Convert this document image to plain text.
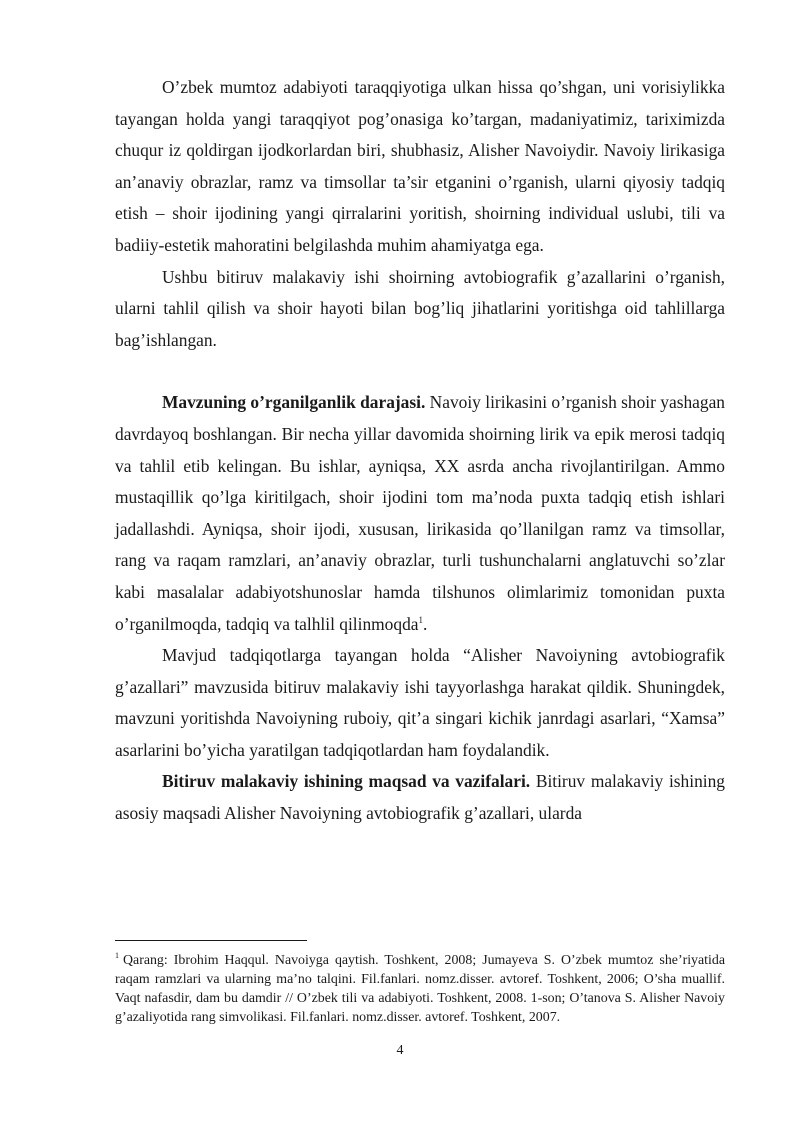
O’zbek mumtoz adabiyoti taraqqiyotiga ulkan hissa qo’shgan, uni vorisiylikka tayangan holda yangi taraqqiyot pog’onasiga ko’targan, madaniyatimiz, tariximizda chuqur iz qoldirgan ijodkorlardan biri, shubhasiz, Alisher Navoiydir. Navoiy lirikasiga an’anaviy obrazlar, ramz va timsollar ta’sir etganini o’rganish, ularni qiyosiy tadqiq etish – shoir ijodining yangi qirralarini yoritish, shoirning individual uslubi, tili va badiiy-estetik mahoratini belgilashda muhim ahamiyatga ega.

Ushbu bitiruv malakaviy ishi shoirning avtobiografik g’azallarini o’rganish, ularni tahlil qilish va shoir hayoti bilan bog’liq jihatlarini yoritishga oid tahlillarga bag’ishlangan.

Mavzuning o’rganilganlik darajasi. Navoiy lirikasini o’rganish shoir yashagan davrdayoq boshlangan. Bir necha yillar davomida shoirning lirik va epik merosi tadqiq va tahlil etib kelingan. Bu ishlar, ayniqsa, XX asrda ancha rivojlantirilgan. Ammo mustaqillik qo’lga kiritilgach, shoir ijodini tom ma’noda puxta tadqiq etish ishlari jadallashdi. Ayniqsa, shoir ijodi, xususan, lirikasida qo’llanilgan ramz va timsollar, rang va raqam ramzlari, an’anaviy obrazlar, turli tushunchalarni anglatuvchi so’zlar kabi masalalar adabiyotshunoslar hamda tilshunos olimlarimiz tomonidan puxta o’rganilmoqda, tadqiq va talhlil qilinmoqda$^1$.

Mavjud tadqiqotlarga tayangan holda “Alisher Navoiyning avtobiografik g’azallari” mavzusida bitiruv malakaviy ishi tayyorlashga harakat qildik. Shuningdek, mavzuni yoritishda Navoiyning ruboiy, qit’a singari kichik janrdagi asarlari, “Xamsa” asarlarini bo’yicha yaratilgan tadqiqotlardan ham foydalandik.

Bitiruv malakaviy ishining maqsad va vazifalari. Bitiruv malakaviy ishining asosiy maqsadi Alisher Navoiyning avtobiografik g’azallari, ularda

$^1$ Qarang: Ibrohim Haqqul. Navoiyga qaytish. Toshkent, 2008; Jumayeva S. O’zbek mumtoz she’riyatida raqam ramzlari va ularning ma’no talqini. Fil.fanlari. nomz.disser. avtoref. Toshkent, 2006; O’sha muallif. Vaqt nafasdir, dam bu damdir // O’zbek tili va adabiyoti. Toshkent, 2008. 1-son; O’tanova S. Alisher Navoiy g’azaliyotida rang simvolikasi. Fil.fanlari. nomz.disser. avtoref. Toshkent, 2007.

4
